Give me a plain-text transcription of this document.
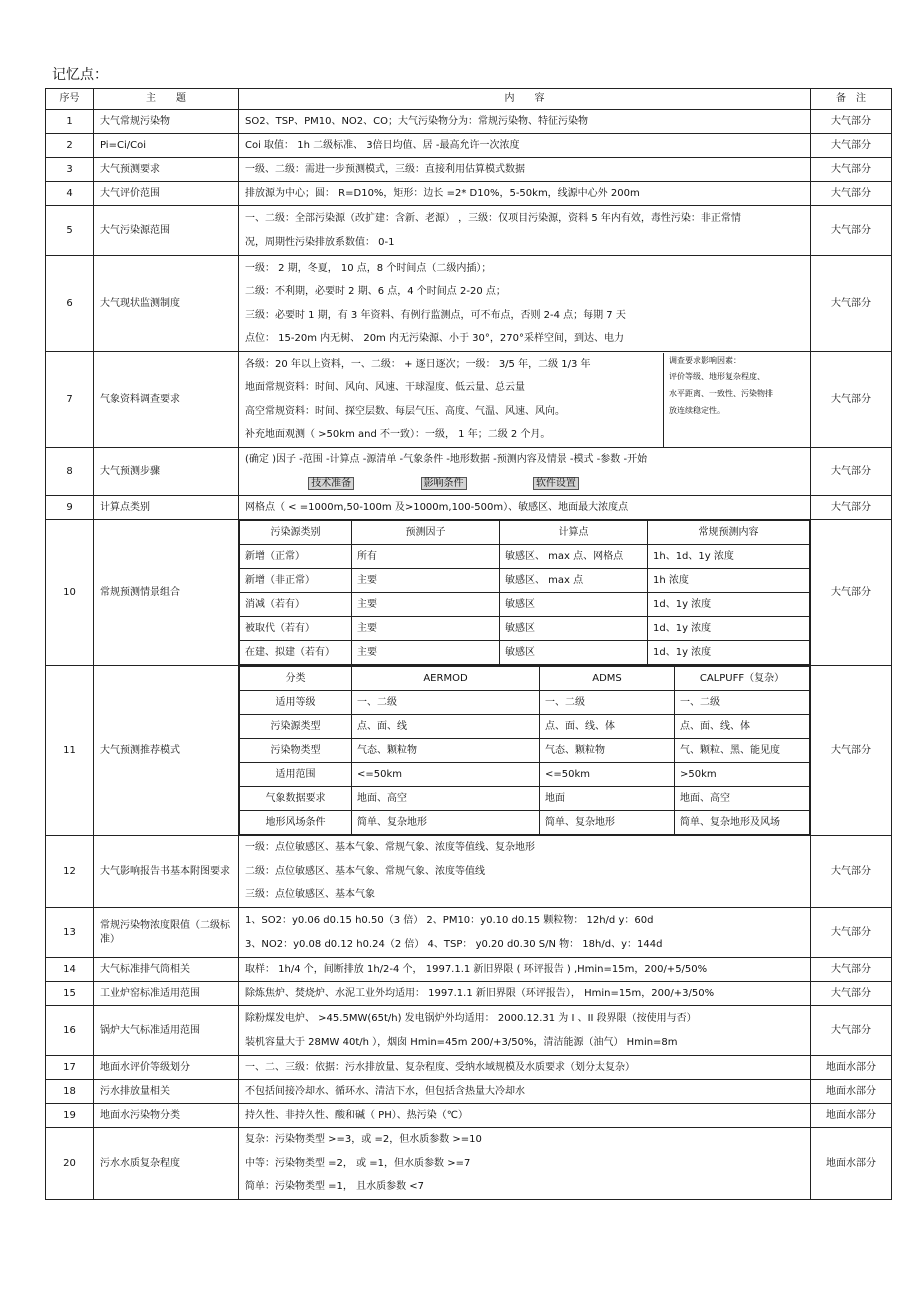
记忆点：
序号	主　　题	内　　容	备　注
1	大气常规污染物	SO2、TSP、PM10、NO2、CO；大气污染物分为：常规污染物、特征污染物	大气部分
2	Pi=Ci/Coi	Coi 取值： 1h 二级标准、 3倍日均值、居 -最高允许一次浓度	大气部分
3	大气预测要求	一级、二级：需进一步预测模式，三级：直接利用估算模式数据	大气部分
4	大气评价范围	排放源为中心；圆： R=D10%，矩形：边长 =2* D10%，5-50km，线源中心外 200m	大气部分
5	大气污染源范围	
一、二级：全部污染源（改扩建：含新、老源） ，三级：仅项目污染源，资料 5 年内有效，毒性污染：非正常情
况，周期性污染排放系数值： 0-1
	大气部分
6	大气现状监测制度	
一级： 2 期，冬夏， 10 点，8 个时间点（二级内插）；
二级：不利期，必要时 2 期、6 点，4 个时间点 2-20 点；
三级：必要时 1 期，有 3 年资料、有例行监测点，可不布点，否则 2-4 点；每期 7 天
点位： 15-20m 内无树、 20m 内无污染源、小于 30°，270°采样空间，到达、电力
	大气部分
7	气象资料调查要求	
各级：20 年以上资料，一、二级： + 逐日逐次；一级： 3/5 年，二级 1/3 年
地面常规资料：时间、风向、风速、干球湿度、低云量、总云量
高空常规资料：时间、探空层数、每层气压、高度、气温、风速、风向。
补充地面观测（ >50km and 不一致）：一级， 1 年；二级 2 个月。
调查要求影响因素：
评价等级、地形复杂程度、
水平距离、一致性、污染物排
放连续稳定性。
	大气部分
8	大气预测步骤	
(确定 )因子 -范围 -计算点 -源清单 -气象条件 -地形数据 -预测内容及情景 -模式 -参数 -开始
技术准备	影响条件	软件设置
	大气部分
9	计算点类别	网格点（ < =1000m,50-100m 及>1000m,100-500m）、敏感区、地面最大浓度点	大气部分
10	常规预测情景组合	
污染源类别	预测因子	计算点	常规预测内容
新增（正常）	所有	敏感区、 max 点、网格点	1h、1d、1y 浓度
新增（非正常）	主要	敏感区、 max 点	1h 浓度
消减（若有）	主要	敏感区	1d、1y 浓度
被取代（若有）	主要	敏感区	1d、1y 浓度
在建、拟建（若有）	主要	敏感区	1d、1y 浓度
	大气部分
11	大气预测推荐模式	
分类	AERMOD	ADMS	CALPUFF（复杂）
适用等级	一、二级	一、二级	一、二级
污染源类型	点、面、线	点、面、线、体	点、面、线、体
污染物类型	气态、颗粒物	气态、颗粒物	气、颗粒、黑、能见度
适用范围	<=50km	<=50km	>50km
气象数据要求	地面、高空	地面	地面、高空
地形风场条件	简单、复杂地形	简单、复杂地形	简单、复杂地形及风场
	大气部分
12	大气影响报告书基本附图要求	
一级：点位敏感区、基本气象、常规气象、浓度等值线、复杂地形
二级：点位敏感区、基本气象、常规气象、浓度等值线
三级：点位敏感区、基本气象
	大气部分
13	常规污染物浓度限值（二级标准）	
1、SO2：y0.06 d0.15 h0.50（3 倍） 2、PM10：y0.10 d0.15 颗粒物： 12h/d y：60d
3、NO2：y0.08 d0.12 h0.24（2 倍） 4、TSP： y0.20 d0.30 S/N 物： 18h/d、y：144d
	大气部分
14	大气标准排气筒相关	取样： 1h/4 个，间断排放 1h/2-4 个， 1997.1.1 新旧界限 ( 环评报告 ) ,Hmin=15m，200/+5/50%	大气部分
15	工业炉窑标准适用范围	除炼焦炉、焚烧炉、水泥工业外均适用： 1997.1.1 新旧界限（环评报告）， Hmin=15m，200/+3/50%	大气部分
16	锅炉大气标准适用范围	
除粉煤发电炉、 >45.5MW(65t/h) 发电锅炉外均适用： 2000.12.31 为 I 、II 段界限（按使用与否）
装机容量大于 28MW 40t/h ），烟囱 Hmin=45m 200/+3/50%，清洁能源（油气） Hmin=8m
	大气部分
17	地面水评价等级划分	一、二、三级：依据：污水排放量、复杂程度、受纳水域规模及水质要求（划分太复杂）	地面水部分
18	污水排放量相关	不包括间接冷却水、循环水、清洁下水，但包括含热量大冷却水	地面水部分
19	地面水污染物分类	持久性、非持久性、酸和碱（ PH）、热污染（℃）	地面水部分
20	污水水质复杂程度	
复杂：污染物类型 >=3，或 =2，但水质参数 >=10
中等：污染物类型 =2， 或 =1，但水质参数 >=7
简单：污染物类型 =1， 且水质参数 <7
	地面水部分
